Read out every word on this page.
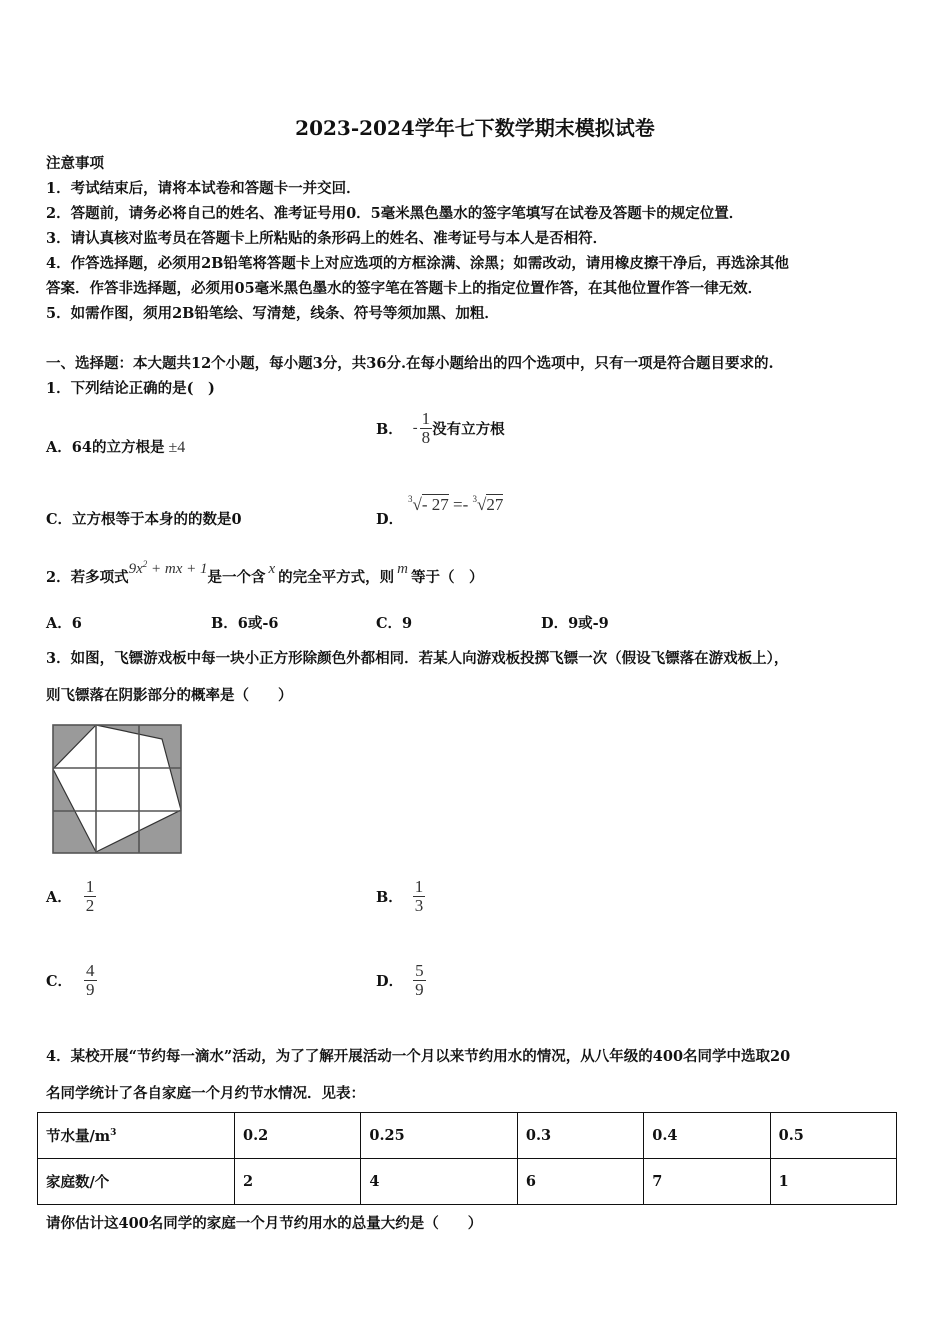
2023-2024学年七下数学期末模拟试卷
注意事项
1．考试结束后，请将本试卷和答题卡一并交回．
2．答题前，请务必将自己的姓名、准考证号用0．5毫米黑色墨水的签字笔填写在试卷及答题卡的规定位置．
3．请认真核对监考员在答题卡上所粘贴的条形码上的姓名、准考证号与本人是否相符．
4．作答选择题，必须用2B铅笔将答题卡上对应选项的方框涂满、涂黑；如需改动，请用橡皮擦干净后，再选涂其他
答案．作答非选择题，必须用05毫米黑色墨水的签字笔在答题卡上的指定位置作答，在其他位置作答一律无效．
5．如需作图，须用2B铅笔绘、写清楚，线条、符号等须加黑、加粗．
一、选择题：本大题共12个小题，每小题3分，共36分.在每小题给出的四个选项中，只有一项是符合题目要求的.
1．下列结论正确的是(　)
A．64的立方根是 ±4
B． - $\frac{1}{8}$ 没有立方根
C．立方根等于本身的的数是0	D．
$^3$√- 27 =- $^3$√27
2．若多项式$9x^2$ + mx + 1是一个含 x 的完全平方式，则 m 等于（　）
A．6	B．6或-6	C．9	D．9或-9
3．如图，飞镖游戏板中每一块小正方形除颜色外都相同．若某人向游戏板投掷飞镖一次（假设飞镖落在游戏板上），
则飞镖落在阴影部分的概率是（　　）
A． $\frac{1}{2}$	B． $\frac{1}{3}$
C． $\frac{4}{9}$	D． $\frac{5}{9}$
4．某校开展“节约每一滴水”活动，为了了解开展活动一个月以来节约用水的情况，从八年级的400名同学中选取20
名同学统计了各自家庭一个月约节水情况．见表：
节水量$/m^3$	0.2	0.25	0.3	0.4	0.5
家庭数/个	2	4	6	7	1
请你估计这400名同学的家庭一个月节约用水的总量大约是（　　）
